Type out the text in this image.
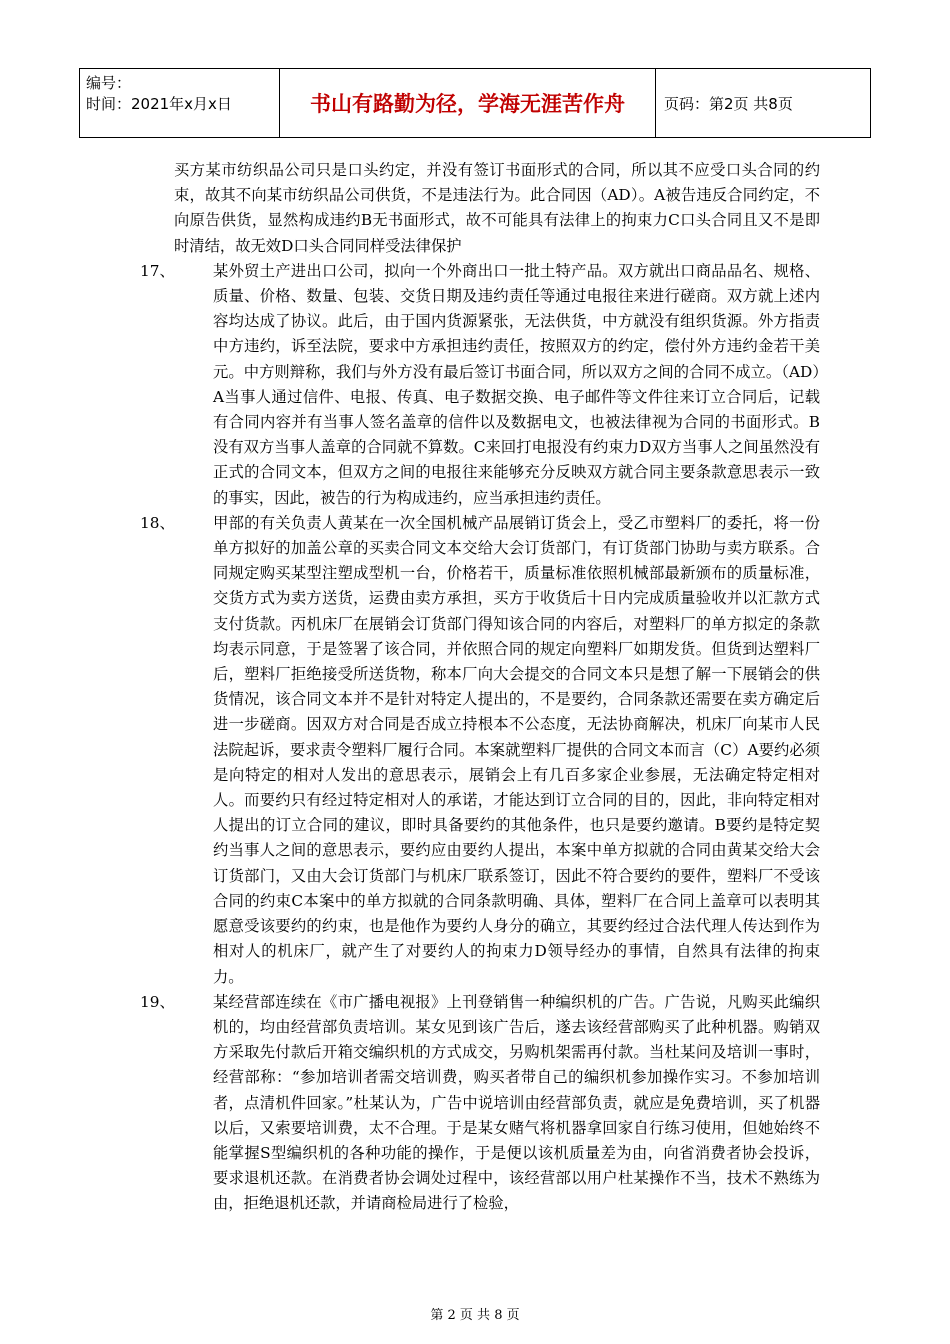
编号：
时间：2021年x月x日	书山有路勤为径，学海无涯苦作舟	页码：第2页 共8页
买方某市纺织品公司只是口头约定，并没有签订书面形式的合同，所以其不应受口头合同的约束，故其不向某市纺织品公司供货，不是违法行为。此合同因（AD）。A被告违反合同约定，不向原告供货，显然构成违约B无书面形式，故不可能具有法律上的拘束力C口头合同且又不是即时清结，故无效D口头合同同样受法律保护
17、	某外贸土产进出口公司，拟向一个外商出口一批土特产品。双方就出口商品品名、规格、质量、价格、数量、包装、交货日期及违约责任等通过电报往来进行磋商。双方就上述内容均达成了协议。此后，由于国内货源紧张，无法供货，中方就没有组织货源。外方指责中方违约，诉至法院，要求中方承担违约责任，按照双方的约定，偿付外方违约金若干美元。中方则辩称，我们与外方没有最后签订书面合同，所以双方之间的合同不成立。（AD）A当事人通过信件、电报、传真、电子数据交换、电子邮件等文件往来订立合同后，记载有合同内容并有当事人签名盖章的信件以及数据电文，也被法律视为合同的书面形式。B没有双方当事人盖章的合同就不算数。C来回打电报没有约束力D双方当事人之间虽然没有正式的合同文本，但双方之间的电报往来能够充分反映双方就合同主要条款意思表示一致的事实，因此，被告的行为构成违约，应当承担违约责任。
18、	甲部的有关负责人黄某在一次全国机械产品展销订货会上，受乙市塑料厂的委托，将一份单方拟好的加盖公章的买卖合同文本交给大会订货部门，有订货部门协助与卖方联系。合同规定购买某型注塑成型机一台，价格若干，质量标准依照机械部最新颁布的质量标准，交货方式为卖方送货，运费由卖方承担，买方于收货后十日内完成质量验收并以汇款方式支付货款。丙机床厂在展销会订货部门得知该合同的内容后，对塑料厂的单方拟定的条款均表示同意，于是签署了该合同，并依照合同的规定向塑料厂如期发货。但货到达塑料厂后，塑料厂拒绝接受所送货物，称本厂向大会提交的合同文本只是想了解一下展销会的供货情况，该合同文本并不是针对特定人提出的，不是要约，合同条款还需要在卖方确定后进一步磋商。因双方对合同是否成立持根本不公态度，无法协商解决，机床厂向某市人民法院起诉，要求责令塑料厂履行合同。本案就塑料厂提供的合同文本而言（C）A要约必须是向特定的相对人发出的意思表示，展销会上有几百多家企业参展，无法确定特定相对人。而要约只有经过特定相对人的承诺，才能达到订立合同的目的，因此，非向特定相对人提出的订立合同的建议，即时具备要约的其他条件，也只是要约邀请。B要约是特定契约当事人之间的意思表示，要约应由要约人提出，本案中单方拟就的合同由黄某交给大会订货部门，又由大会订货部门与机床厂联系签订，因此不符合要约的要件，塑料厂不受该合同的约束C本案中的单方拟就的合同条款明确、具体，塑料厂在合同上盖章可以表明其愿意受该要约的约束，也是他作为要约人身分的确立，其要约经过合法代理人传达到作为相对人的机床厂，就产生了对要约人的拘束力D领导经办的事情，自然具有法律的拘束力。
19、	某经营部连续在《市广播电视报》上刊登销售一种编织机的广告。广告说，凡购买此编织机的，均由经营部负责培训。某女见到该广告后，遂去该经营部购买了此种机器。购销双方采取先付款后开箱交编织机的方式成交，另购机架需再付款。当杜某问及培训一事时，经营部称：“参加培训者需交培训费，购买者带自己的编织机参加操作实习。不参加培训者，点清机件回家。”杜某认为，广告中说培训由经营部负责，就应是免费培训，买了机器以后，又索要培训费，太不合理。于是某女赌气将机器拿回家自行练习使用，但她始终不能掌握S型编织机的各种功能的操作，于是便以该机质量差为由，向省消费者协会投诉，要求退机还款。在消费者协会调处过程中，该经营部以用户杜某操作不当，技术不熟练为由，拒绝退机还款，并请商检局进行了检验，
第 2 页 共 8 页
